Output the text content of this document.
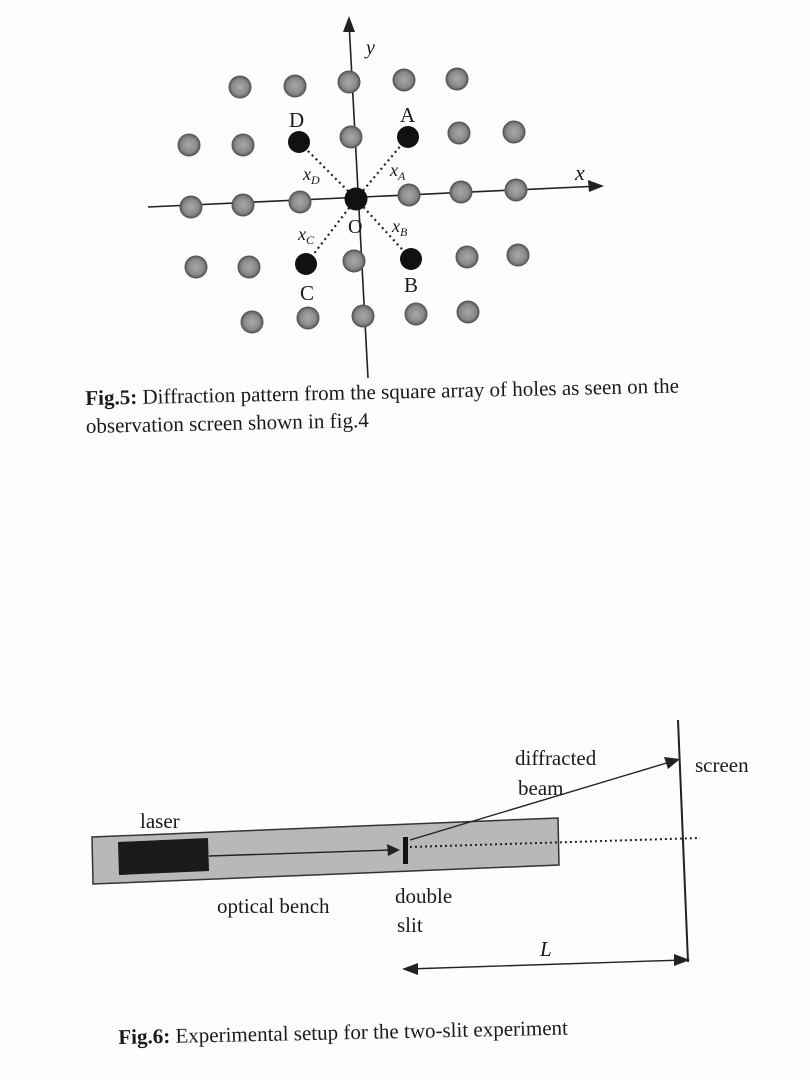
y
x
O
A
B
C
D
$x_A$
$x_B$
$x_C$
$x_D$
Fig.5: Diffraction pattern from the square array of holes as seen on the observation screen shown in fig.4
laser
optical bench	double
slit
diffracted
beam
screen
L
Fig.6: Experimental setup for the two-slit experiment
